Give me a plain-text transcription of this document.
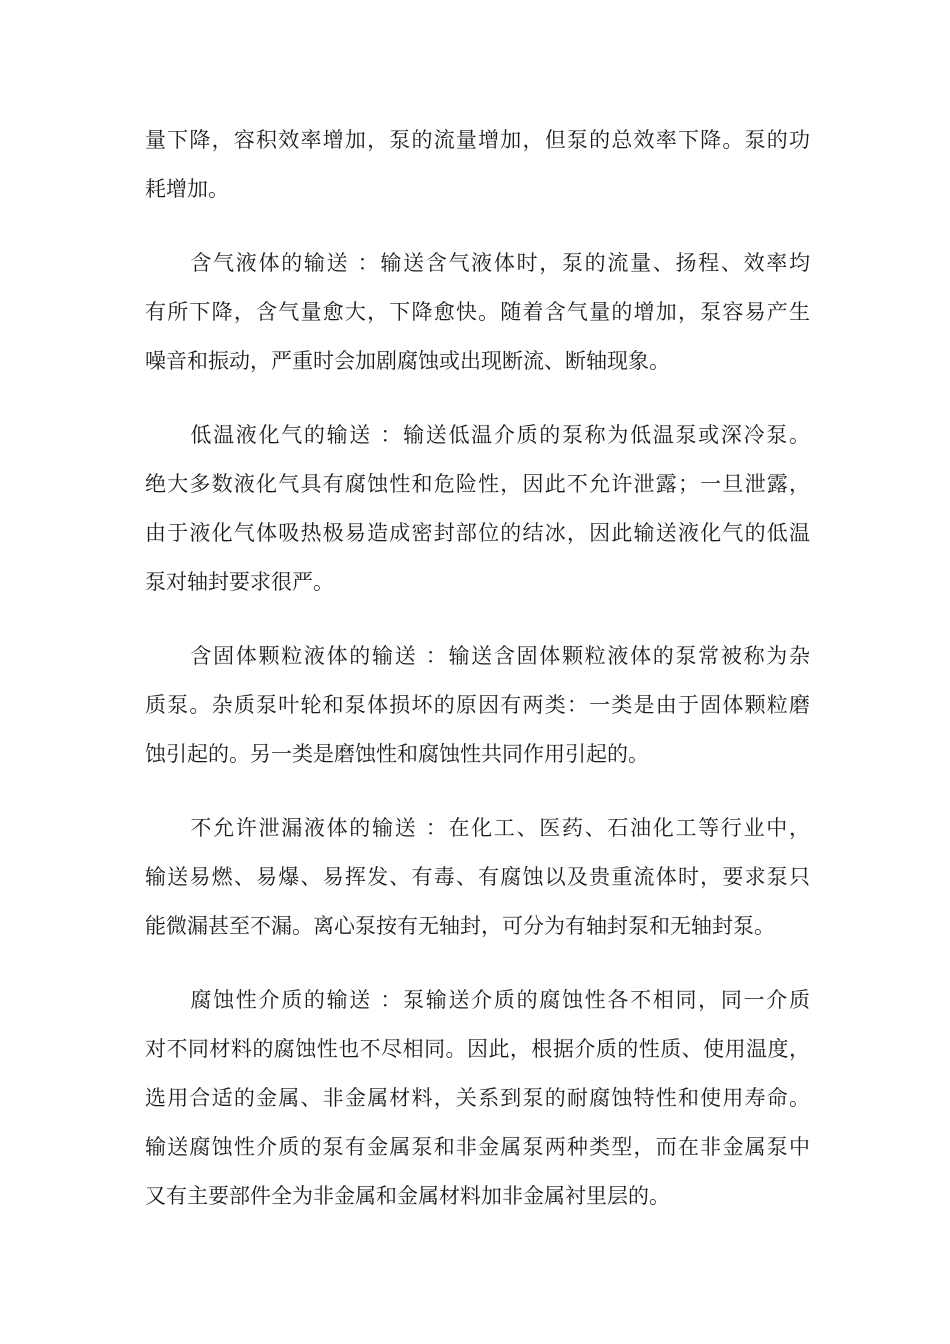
量下降，容积效率增加，泵的流量增加，但泵的总效率下降。泵的功
耗增加。
　　含气液体的输送 ：输送含气液体时，泵的流量、扬程、效率均
有所下降，含气量愈大，下降愈快。随着含气量的增加，泵容易产生
噪音和振动，严重时会加剧腐蚀或出现断流、断轴现象。
　　低温液化气的输送 ：输送低温介质的泵称为低温泵或深冷泵。
绝大多数液化气具有腐蚀性和危险性，因此不允许泄露；一旦泄露，
由于液化气体吸热极易造成密封部位的结冰，因此输送液化气的低温
泵对轴封要求很严。
　　含固体颗粒液体的输送 ：输送含固体颗粒液体的泵常被称为杂
质泵。杂质泵叶轮和泵体损坏的原因有两类：一类是由于固体颗粒磨
蚀引起的。另一类是磨蚀性和腐蚀性共同作用引起的。
　　不允许泄漏液体的输送 ：在化工、医药、石油化工等行业中，
输送易燃、易爆、易挥发、有毒、有腐蚀以及贵重流体时，要求泵只
能微漏甚至不漏。离心泵按有无轴封，可分为有轴封泵和无轴封泵。
　　腐蚀性介质的输送 ：泵输送介质的腐蚀性各不相同，同一介质
对不同材料的腐蚀性也不尽相同。因此，根据介质的性质、使用温度，
选用合适的金属、非金属材料，关系到泵的耐腐蚀特性和使用寿命。
输送腐蚀性介质的泵有金属泵和非金属泵两种类型，而在非金属泵中
又有主要部件全为非金属和金属材料加非金属衬里层的。
